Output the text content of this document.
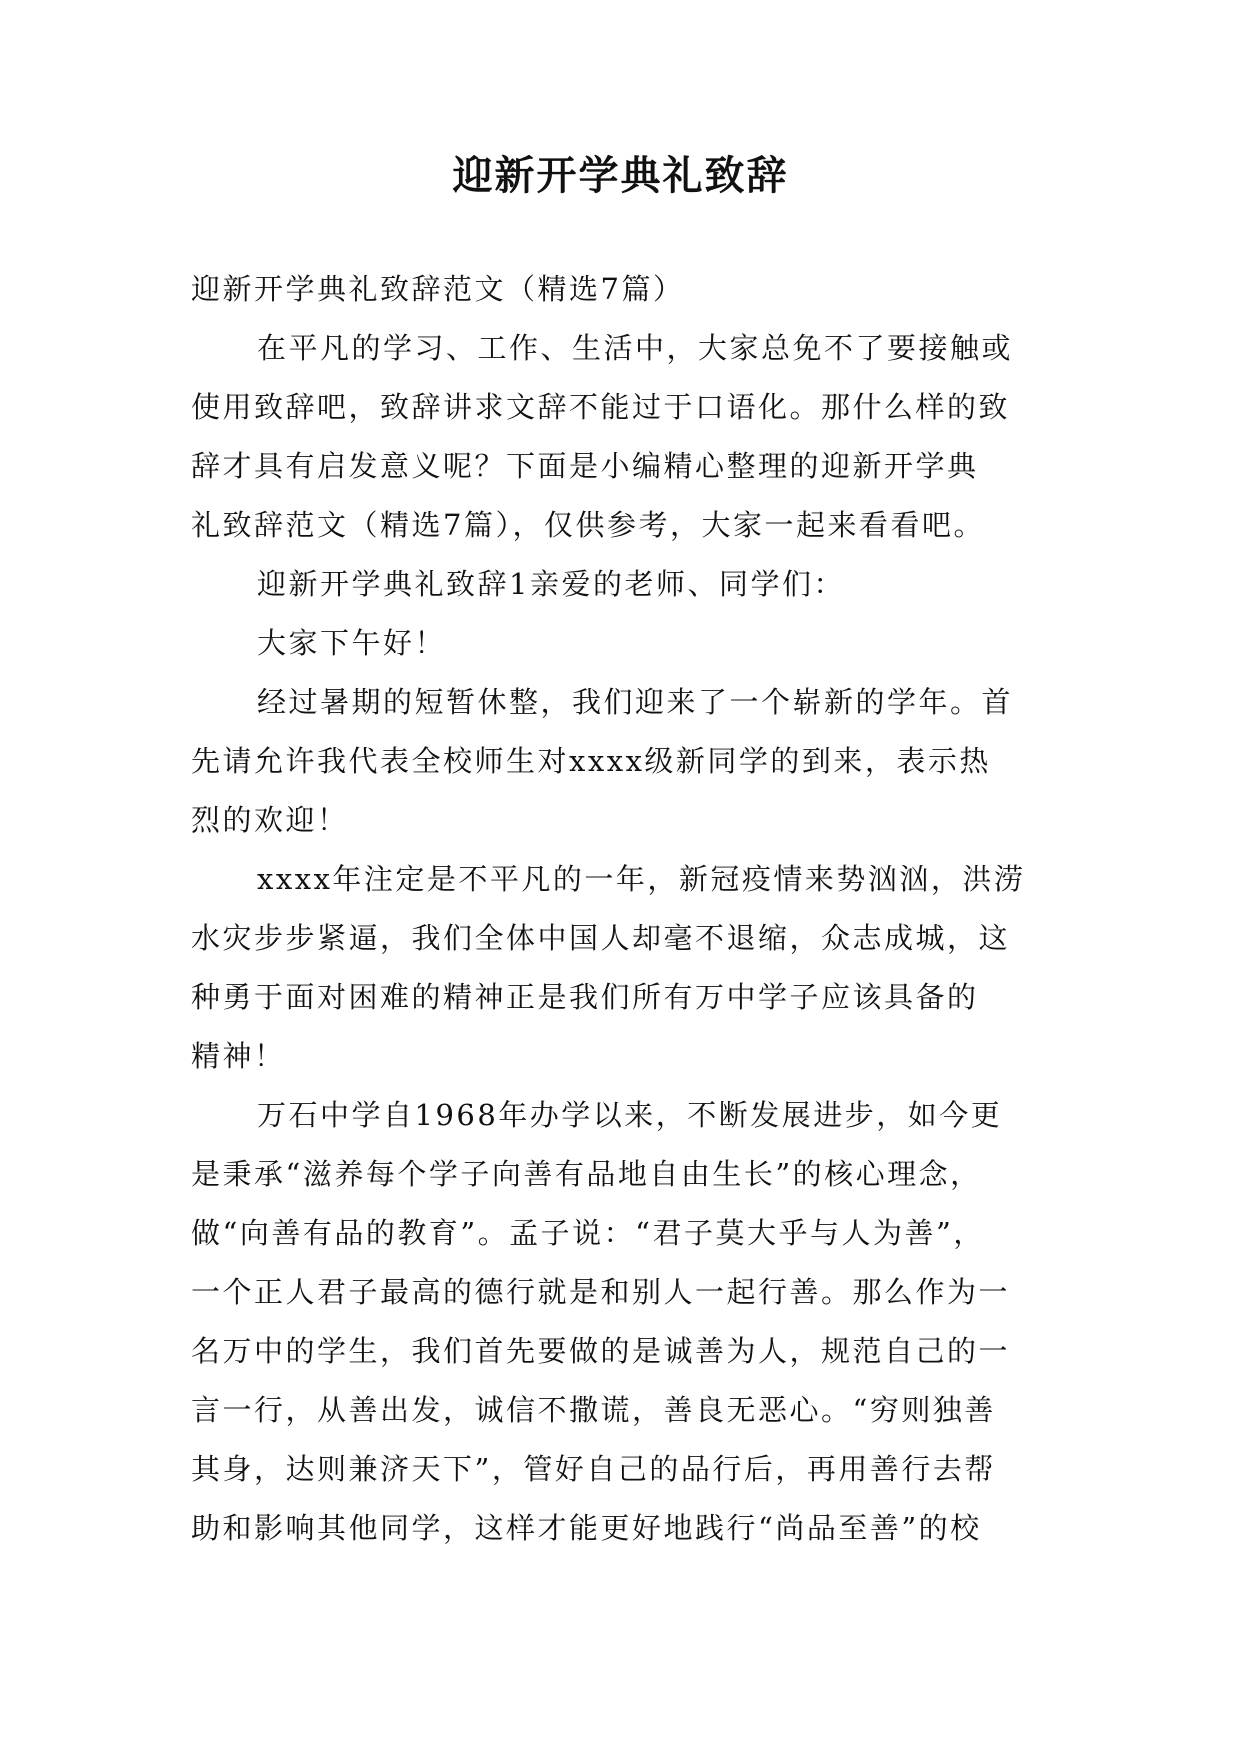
迎新开学典礼致辞

迎新开学典礼致辞范文（精选7篇）

在平凡的学习、工作、生活中，大家总免不了要接触或

使用致辞吧，致辞讲求文辞不能过于口语化。那什么样的致

辞才具有启发意义呢？下面是小编精心整理的迎新开学典

礼致辞范文（精选7篇），仅供参考，大家一起来看看吧。

迎新开学典礼致辞1亲爱的老师、同学们：

大家下午好！

经过暑期的短暂休整，我们迎来了一个崭新的学年。首

先请允许我代表全校师生对xxxx级新同学的到来，表示热

烈的欢迎！

xxxx年注定是不平凡的一年，新冠疫情来势汹汹，洪涝

水灾步步紧逼，我们全体中国人却毫不退缩，众志成城，这

种勇于面对困难的精神正是我们所有万中学子应该具备的

精神！

万石中学自1968年办学以来，不断发展进步，如今更

是秉承“滋养每个学子向善有品地自由生长”的核心理念，

做“向善有品的教育”。孟子说：“君子莫大乎与人为善”，

一个正人君子最高的德行就是和别人一起行善。那么作为一

名万中的学生，我们首先要做的是诚善为人，规范自己的一

言一行，从善出发，诚信不撒谎，善良无恶心。“穷则独善

其身，达则兼济天下”，管好自己的品行后，再用善行去帮

助和影响其他同学，这样才能更好地践行“尚品至善”的校
